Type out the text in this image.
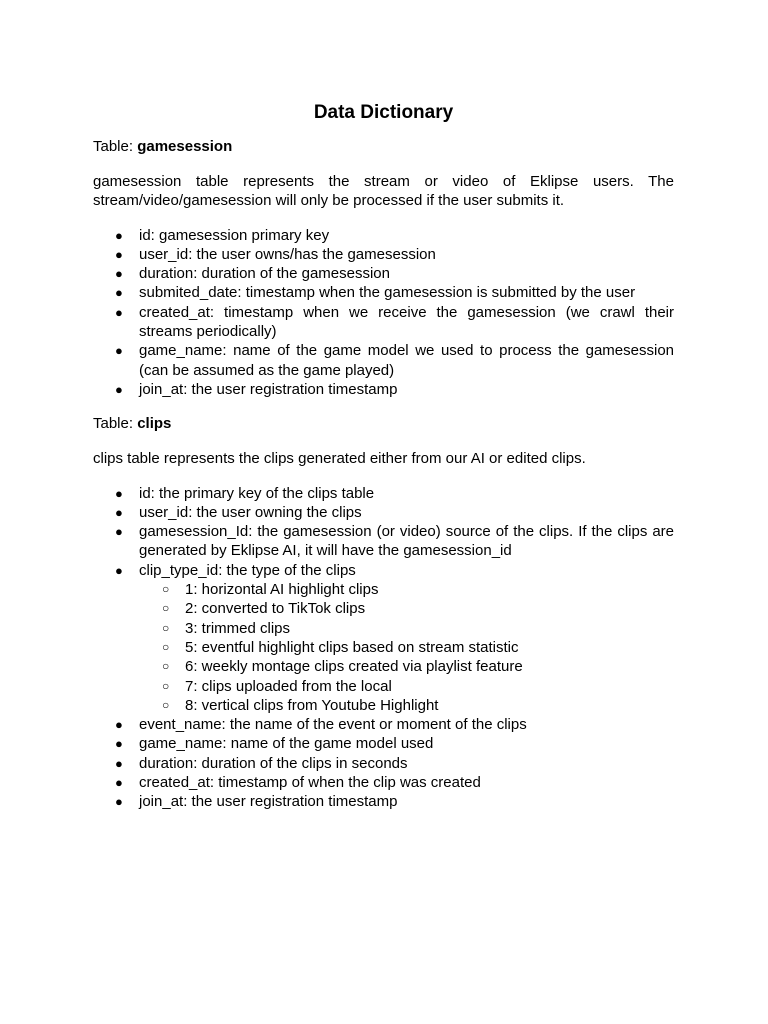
Data Dictionary
Table: gamesession

gamesession table represents the stream or video of Eklipse users. The stream/video/gamesession will only be processed if the user submits it.

● id: gamesession primary key
● user_id: the user owns/has the gamesession
● duration: duration of the gamesession
● submited_date: timestamp when the gamesession is submitted by the user
● created_at: timestamp when we receive the gamesession (we crawl their streams periodically)
● game_name: name of the game model we used to process the gamesession (can be assumed as the game played)
● join_at: the user registration timestamp
Table: clips

clips table represents the clips generated either from our AI or edited clips.

● id: the primary key of the clips table
● user_id: the user owning the clips
● gamesession_Id: the gamesession (or video) source of the clips. If the clips are generated by Eklipse AI, it will have the gamesession_id
● clip_type_id: the type of the clips
○ 1: horizontal AI highlight clips
○ 2: converted to TikTok clips
○ 3: trimmed clips
○ 5: eventful highlight clips based on stream statistic
○ 6: weekly montage clips created via playlist feature
○ 7: clips uploaded from the local
○ 8: vertical clips from Youtube Highlight
● event_name: the name of the event or moment of the clips
● game_name: name of the game model used
● duration: duration of the clips in seconds
● created_at: timestamp of when the clip was created
● join_at: the user registration timestamp
